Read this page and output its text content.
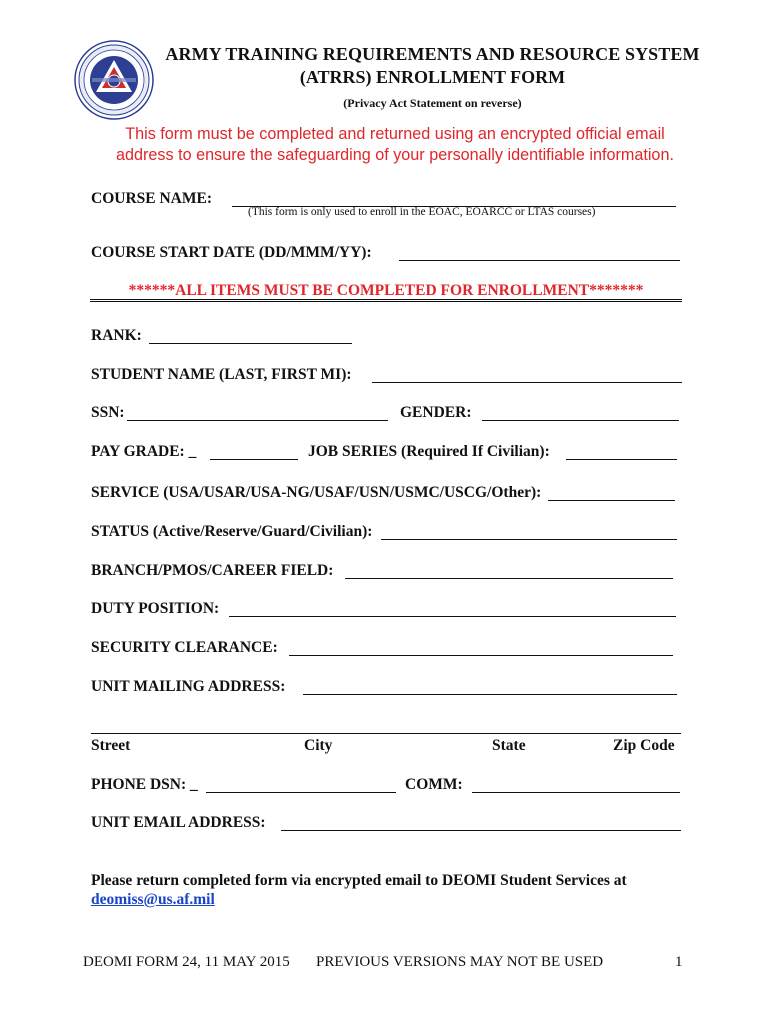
ARMY TRAINING REQUIREMENTS AND RESOURCE SYSTEM
(ATRRS) ENROLLMENT FORM
(Privacy Act Statement on reverse)
This form must be completed and returned using an encrypted official email address to ensure the safeguarding of your personally identifiable information.
COURSE NAME:
(This form is only used to enroll in the EOAC, EOARCC or LTAS courses)
COURSE START DATE (DD/MMM/YY):
******ALL ITEMS MUST BE COMPLETED FOR ENROLLMENT*******
RANK:
STUDENT NAME (LAST, FIRST MI):
SSN:	GENDER:
PAY GRADE: _	JOB SERIES (Required If Civilian):
SERVICE (USA/USAR/USA-NG/USAF/USN/USMC/USCG/Other):
STATUS (Active/Reserve/Guard/Civilian):
BRANCH/PMOS/CAREER FIELD:
DUTY POSITION:
SECURITY CLEARANCE:
UNIT MAILING ADDRESS:
Street	City	State	Zip Code
PHONE DSN: _	COMM:
UNIT EMAIL ADDRESS:
Please return completed form via encrypted email to DEOMI Student Services at
deomiss@us.af.mil
DEOMI FORM 24, 11 MAY 2015 PREVIOUS VERSIONS MAY NOT BE USED	1
